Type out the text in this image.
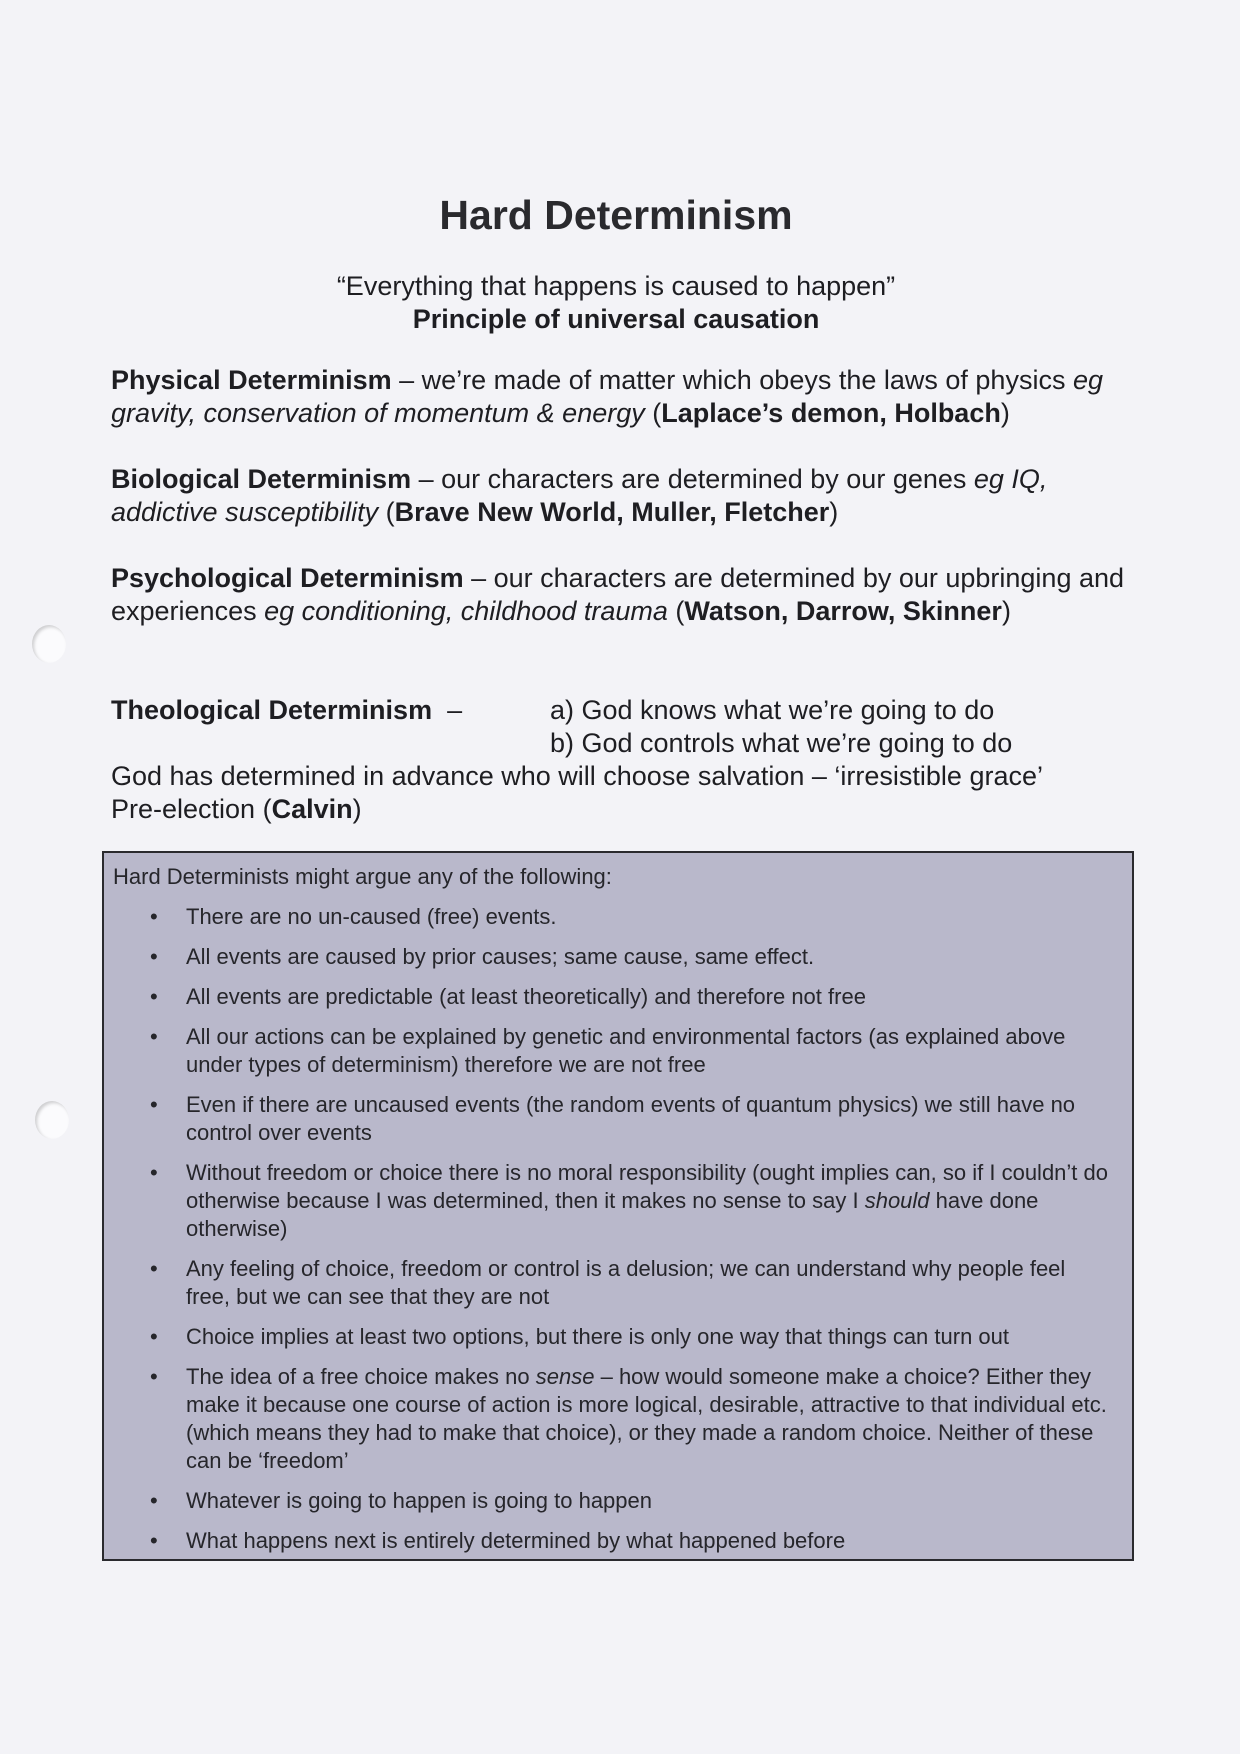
Hard Determinism
“Everything that happens is caused to happen”
Principle of universal causation
Physical Determinism – we’re made of matter which obeys the laws of physics eg gravity, conservation of momentum & energy (Laplace’s demon, Holbach)
Biological Determinism – our characters are determined by our genes eg IQ, addictive susceptibility (Brave New World, Muller, Fletcher)
Psychological Determinism – our characters are determined by our upbringing and experiences eg conditioning, childhood trauma (Watson, Darrow, Skinner)
Theological Determinism –	a) God knows what we’re going to do
b) God controls what we’re going to do
God has determined in advance who will choose salvation – ‘irresistible grace’
Pre-election (Calvin)
Hard Determinists might argue any of the following:
• There are no un-caused (free) events.
• All events are caused by prior causes; same cause, same effect.
• All events are predictable (at least theoretically) and therefore not free
• All our actions can be explained by genetic and environmental factors (as explained above under types of determinism) therefore we are not free
• Even if there are uncaused events (the random events of quantum physics) we still have no control over events
• Without freedom or choice there is no moral responsibility (ought implies can, so if I couldn’t do otherwise because I was determined, then it makes no sense to say I should have done otherwise)
• Any feeling of choice, freedom or control is a delusion; we can understand why people feel free, but we can see that they are not
• Choice implies at least two options, but there is only one way that things can turn out
• The idea of a free choice makes no sense – how would someone make a choice? Either they make it because one course of action is more logical, desirable, attractive to that individual etc. (which means they had to make that choice), or they made a random choice. Neither of these can be ‘freedom’
• Whatever is going to happen is going to happen
• What happens next is entirely determined by what happened before
